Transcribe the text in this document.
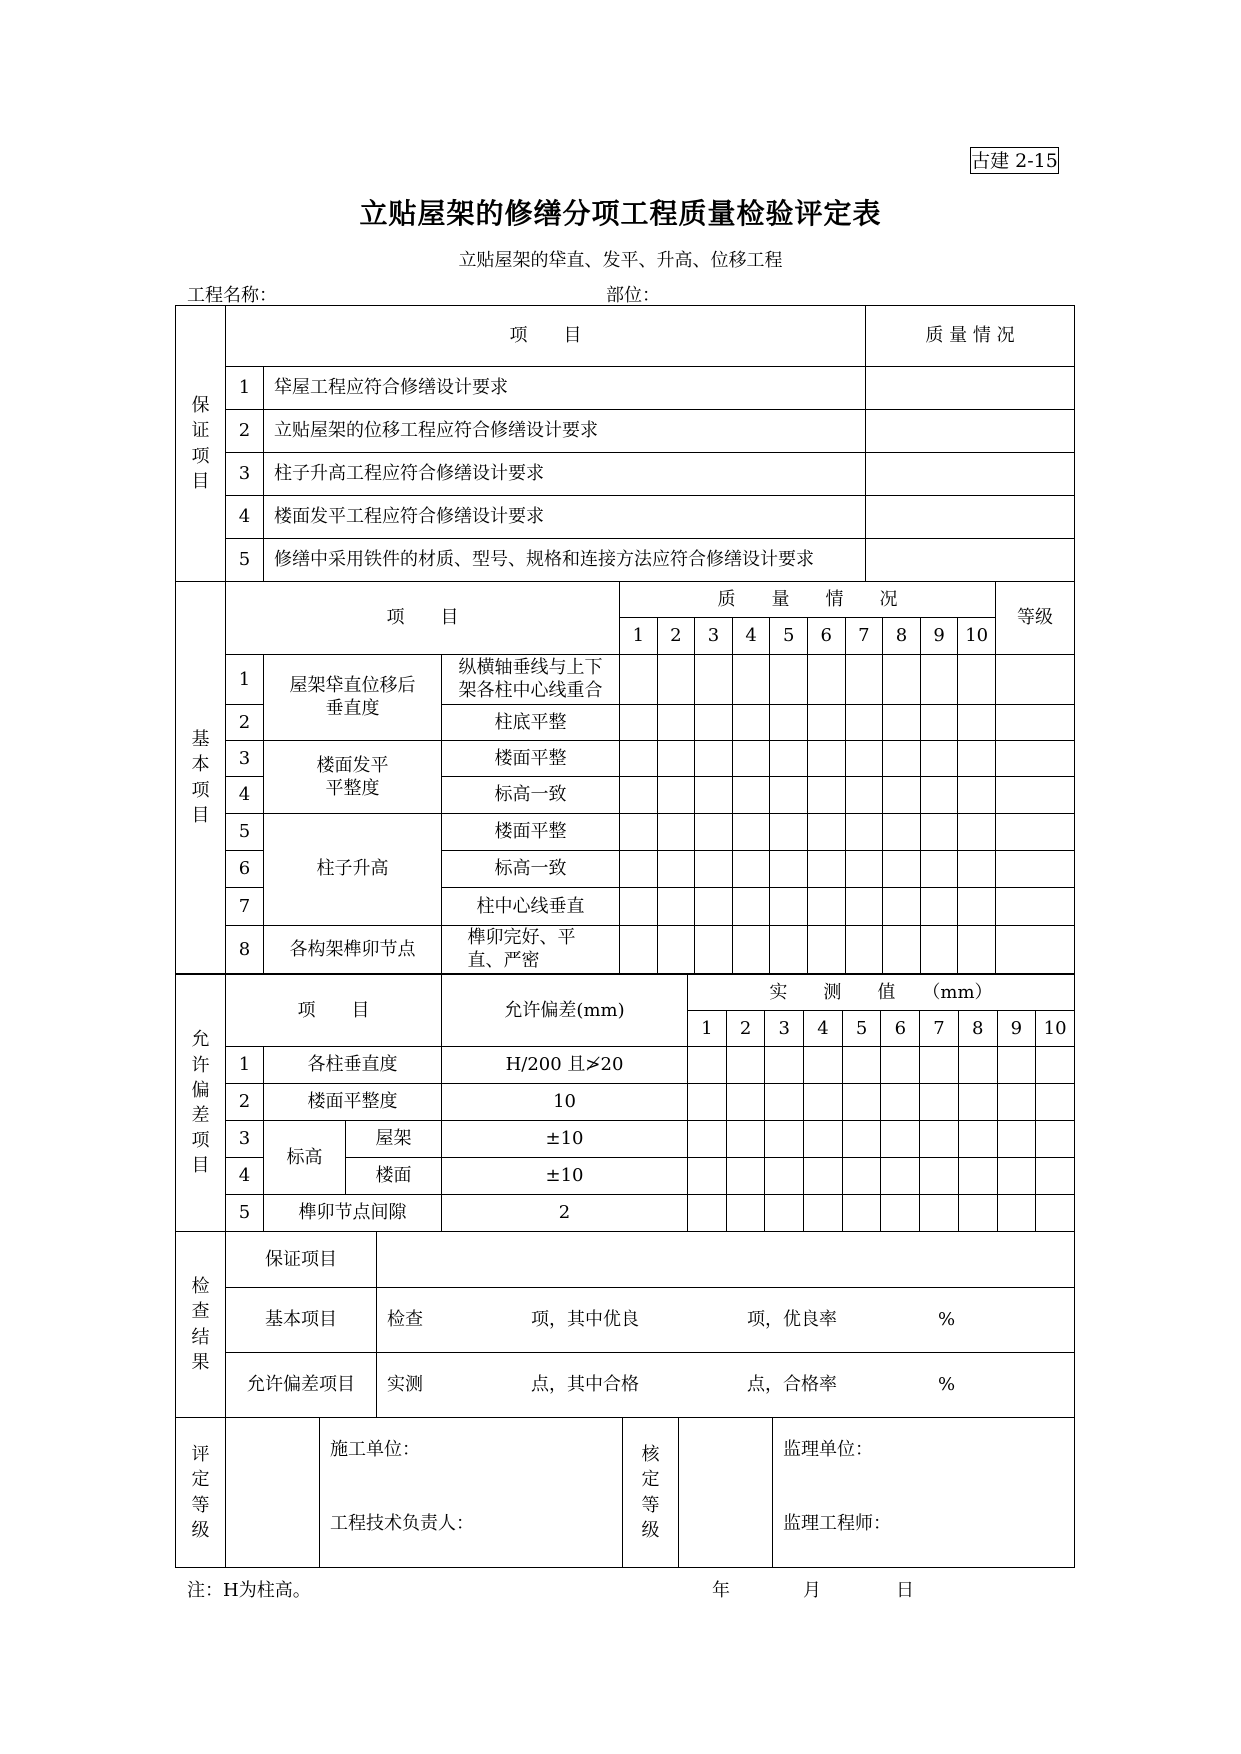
古建 2-15
立贴屋架的修缮分项工程质量检验评定表
立贴屋架的牮直、发平、升高、位移工程
工程名称：	部位：
保证项目	项　　目		质 量 情 况
	1	牮屋工程应符合修缮设计要求	
	2	立贴屋架的位移工程应符合修缮设计要求	
	3	柱子升高工程应符合修缮设计要求	
	4	楼面发平工程应符合修缮设计要求	
	5	修缮中采用铁件的材质、型号、规格和连接方法应符合修缮设计要求	
基本项目	项　　目			质　　量　　情　　况										等级
				1	2	3	4	5	6	7	8	9	10	
	1	屋架牮直位移后垂直度	纵横轴垂线与上下架各柱中心线重合											

	2		柱底平整											
	3	楼面发平平整度	楼面平整											
	4		标高一致											
	5	柱子升高	楼面平整											
	6		标高一致											
	7		柱中心线垂直											
	8	各构架榫卯节点	榫卯完好、平直、严密											

允许偏差项目	项　　目			允许偏差(mm)	实　　测　　值　　（mm）									
					1	2	3	4	5	6	7	8	9	10
	1	各柱垂直度		H/200 且≯20										
	2	楼面平整度		10										
	3	标高	屋架	±10										
	4		楼面	±10										
	5	榫卯节点间隙		2										
检查结果	保证项目	
	基本项目	检查 项，其中优良 项，优良率 %

	允许偏差项目	实测 点，其中合格 点，合格率 %
评定等级

施工单位：
工程技术负责人：

核定等级

监理单位：
监理工程师：
注：H为柱高。	年	月	日
